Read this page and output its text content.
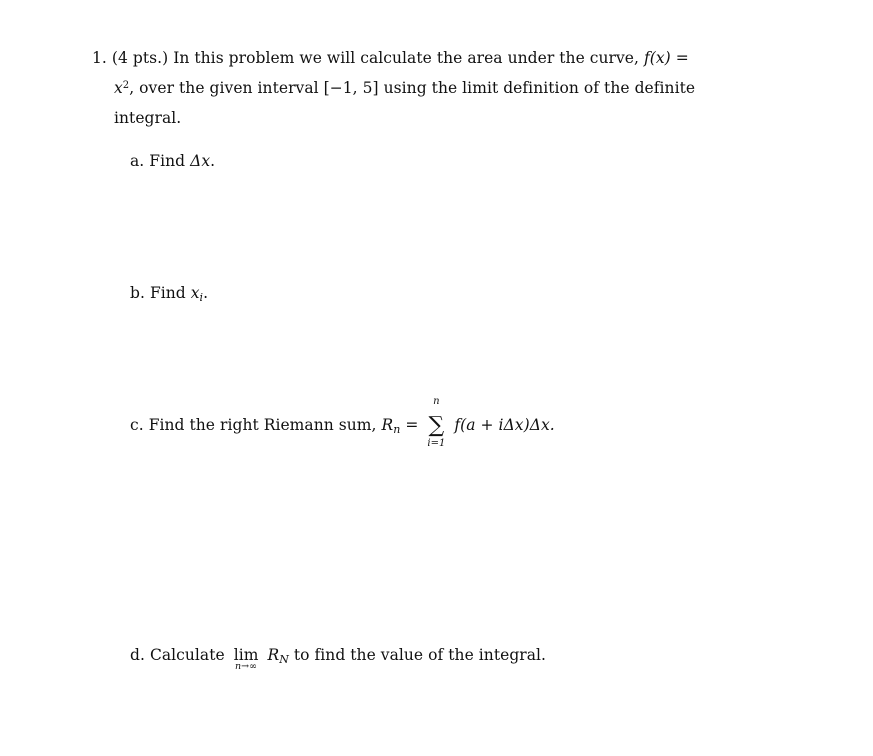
1. (4 pts.) In this problem we will calculate the area under the curve, f(x) =
$x^2$, over the given interval [−1, 5] using the limit definition of the definite
integral.
a. Find Δx.
b. Find $x_i$.
c. Find the right Riemann sum, $R_n$ =
n
∑
i=1
f(a + iΔx)Δx.
d. Calculate lim
n→∞
$R_N$ to find the value of the integral.
